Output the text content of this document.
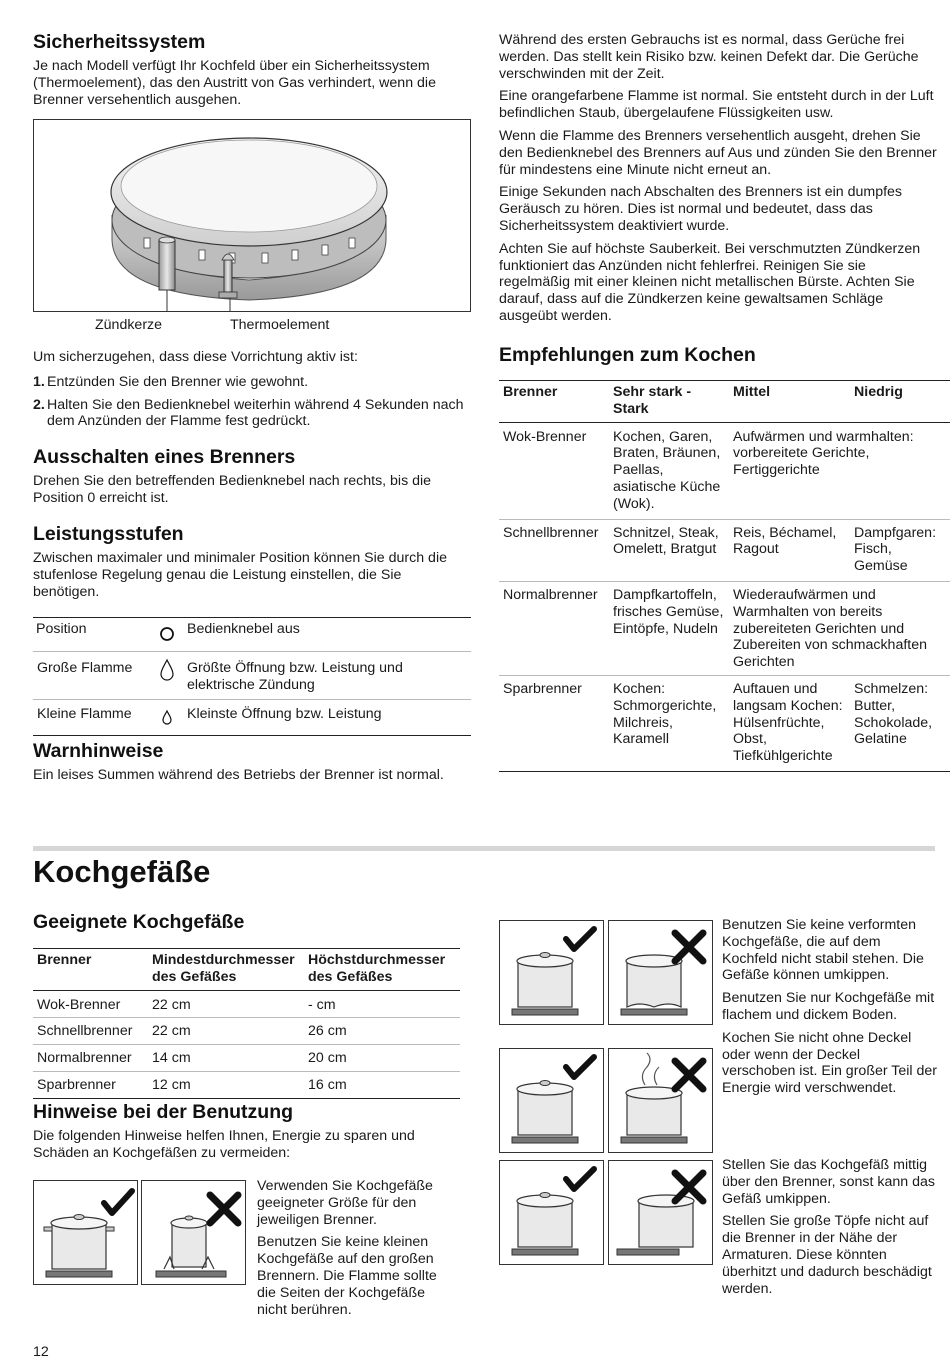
Sicherheitssystem

Je nach Modell verfügt Ihr Kochfeld über ein Sicherheitssystem (Thermoelement), das den Austritt von Gas verhindert, wenn die Brenner versehentlich ausgehen.

Zündkerze	Thermoelement

Um sicherzugehen, dass diese Vorrichtung aktiv ist:

1. Entzünden Sie den Brenner wie gewohnt.
2. Halten Sie den Bedienknebel weiterhin während 4 Sekunden nach dem Anzünden der Flamme fest gedrückt.
Ausschalten eines Brenners

Drehen Sie den betreffenden Bedienknebel nach rechts, bis die Position 0 erreicht ist.

Leistungsstufen

Zwischen maximaler und minimaler Position können Sie durch die stufenlose Regelung genau die Leistung einstellen, die Sie benötigen.

Position		Bedienknebel aus
Große Flamme		Größte Öffnung bzw. Leistung und elektrische Zündung
Kleine Flamme		Kleinste Öffnung bzw. Leistung
Warnhinweise

Ein leises Summen während des Betriebs der Brenner ist normal.

Während des ersten Gebrauchs ist es normal, dass Gerüche frei werden. Das stellt kein Risiko bzw. keinen Defekt dar. Die Gerüche verschwinden mit der Zeit.

Eine orangefarbene Flamme ist normal. Sie entsteht durch in der Luft befindlichen Staub, übergelaufene Flüssigkeiten usw.

Wenn die Flamme des Brenners versehentlich ausgeht, drehen Sie den Bedienknebel des Brenners auf Aus und zünden Sie den Brenner für mindestens eine Minute nicht erneut an.

Einige Sekunden nach Abschalten des Brenners ist ein dumpfes Geräusch zu hören. Dies ist normal und bedeutet, dass das Sicherheitssystem deaktiviert wurde.

Achten Sie auf höchste Sauberkeit. Bei verschmutzten Zündkerzen funktioniert das Anzünden nicht fehlerfrei. Reinigen Sie sie regelmäßig mit einer kleinen nicht metallischen Bürste. Achten Sie darauf, dass auf die Zündkerzen keine gewaltsamen Schläge ausgeübt werden.

Empfehlungen zum Kochen
Brenner	Sehr stark - Stark	Mittel	Niedrig
Wok-Brenner	Kochen, Garen, Braten, Bräunen, Paellas, asiatische Küche (Wok).	Aufwärmen und warmhalten: vorbereitete Gerichte, Fertiggerichte	
Schnellbrenner	Schnitzel, Steak, Omelett, Bratgut	Reis, Béchamel, Ragout	Dampfgaren: Fisch, Gemüse
Normalbrenner	Dampfkartoffeln, frisches Gemüse, Eintöpfe, Nudeln	Wiederaufwärmen und Warmhalten von bereits zubereiteten Gerichten und Zubereiten von schmackhaften Gerichten	
Sparbrenner	Kochen: Schmorgerichte, Milchreis, Karamell	Auftauen und langsam Kochen: Hülsenfrüchte, Obst, Tiefkühlgerichte	Schmelzen: Butter, Schokolade, Gelatine
Kochgefäße
Geeignete Kochgefäße
Brenner	Mindestdurchmesser des Gefäßes	Höchstdurchmesser des Gefäßes
Wok-Brenner	22 cm	- cm
Schnellbrenner	22 cm	26 cm
Normalbrenner	14 cm	20 cm
Sparbrenner	12 cm	16 cm
Hinweise bei der Benutzung

Die folgenden Hinweise helfen Ihnen, Energie zu sparen und Schäden an Kochgefäßen zu vermeiden:

Verwenden Sie Kochgefäße geeigneter Größe für den jeweiligen Brenner.

Benutzen Sie keine kleinen Kochgefäße auf den großen Brennern. Die Flamme sollte die Seiten der Kochgefäße nicht berühren.

Benutzen Sie keine verformten Kochgefäße, die auf dem Kochfeld nicht stabil stehen. Die Gefäße können umkippen.

Benutzen Sie nur Kochgefäße mit flachem und dickem Boden.

Kochen Sie nicht ohne Deckel oder wenn der Deckel verschoben ist. Ein großer Teil der Energie wird verschwendet.

Stellen Sie das Kochgefäß mittig über den Brenner, sonst kann das Gefäß umkippen.

Stellen Sie große Töpfe nicht auf die Brenner in der Nähe der Armaturen. Diese könnten überhitzt und dadurch beschädigt werden.

12
